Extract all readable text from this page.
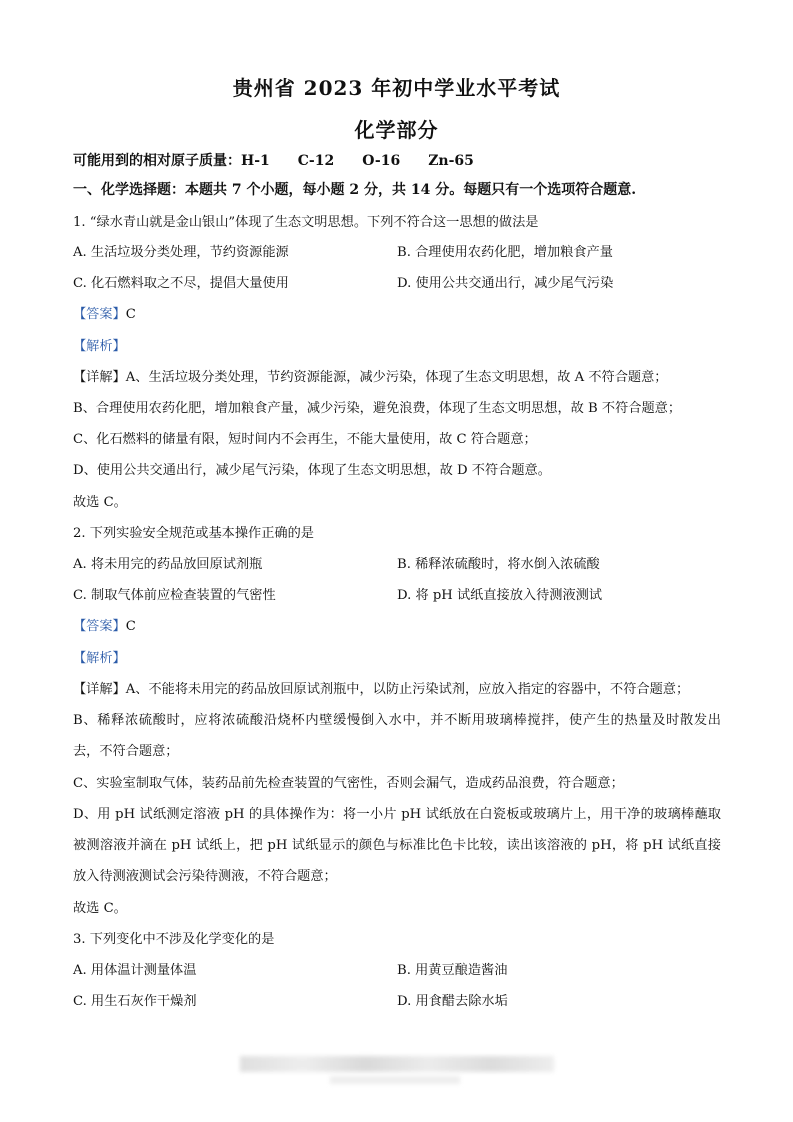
贵州省 2023 年初中学业水平考试
化学部分
可能用到的相对原子质量：H-1　　C-12　　O-16　　Zn-65
一、化学选择题：本题共 7 个小题，每小题 2 分，共 14 分。每题只有一个选项符合题意.
1. “绿水青山就是金山银山”体现了生态文明思想。下列不符合这一思想的做法是
A. 生活垃圾分类处理，节约资源能源	B. 合理使用农药化肥，增加粮食产量
C. 化石燃料取之不尽，提倡大量使用	D. 使用公共交通出行，减少尾气污染
【答案】C
【解析】
【详解】A、生活垃圾分类处理，节约资源能源，减少污染，体现了生态文明思想，故 A 不符合题意；
B、合理使用农药化肥，增加粮食产量，减少污染，避免浪费，体现了生态文明思想，故 B 不符合题意；
C、化石燃料的储量有限，短时间内不会再生，不能大量使用，故 C 符合题意；
D、使用公共交通出行，减少尾气污染，体现了生态文明思想，故 D 不符合题意。
故选 C。
2. 下列实验安全规范或基本操作正确的是
A. 将未用完的药品放回原试剂瓶	B. 稀释浓硫酸时，将水倒入浓硫酸
C. 制取气体前应检查装置的气密性	D. 将 pH 试纸直接放入待测液测试
【答案】C
【解析】
【详解】A、不能将未用完的药品放回原试剂瓶中，以防止污染试剂，应放入指定的容器中，不符合题意；
B、稀释浓硫酸时，应将浓硫酸沿烧杯内壁缓慢倒入水中，并不断用玻璃棒搅拌，使产生的热量及时散发出
去，不符合题意；
C、实验室制取气体，装药品前先检查装置的气密性，否则会漏气，造成药品浪费，符合题意；
D、用 pH 试纸测定溶液 pH 的具体操作为：将一小片 pH 试纸放在白瓷板或玻璃片上，用干净的玻璃棒蘸取
被测溶液并滴在 pH 试纸上，把 pH 试纸显示的颜色与标准比色卡比较，读出该溶液的 pH，将 pH 试纸直接
放入待测液测试会污染待测液，不符合题意；
故选 C。
3. 下列变化中不涉及化学变化的是
A. 用体温计测量体温	B. 用黄豆酿造酱油
C. 用生石灰作干燥剂	D. 用食醋去除水垢
